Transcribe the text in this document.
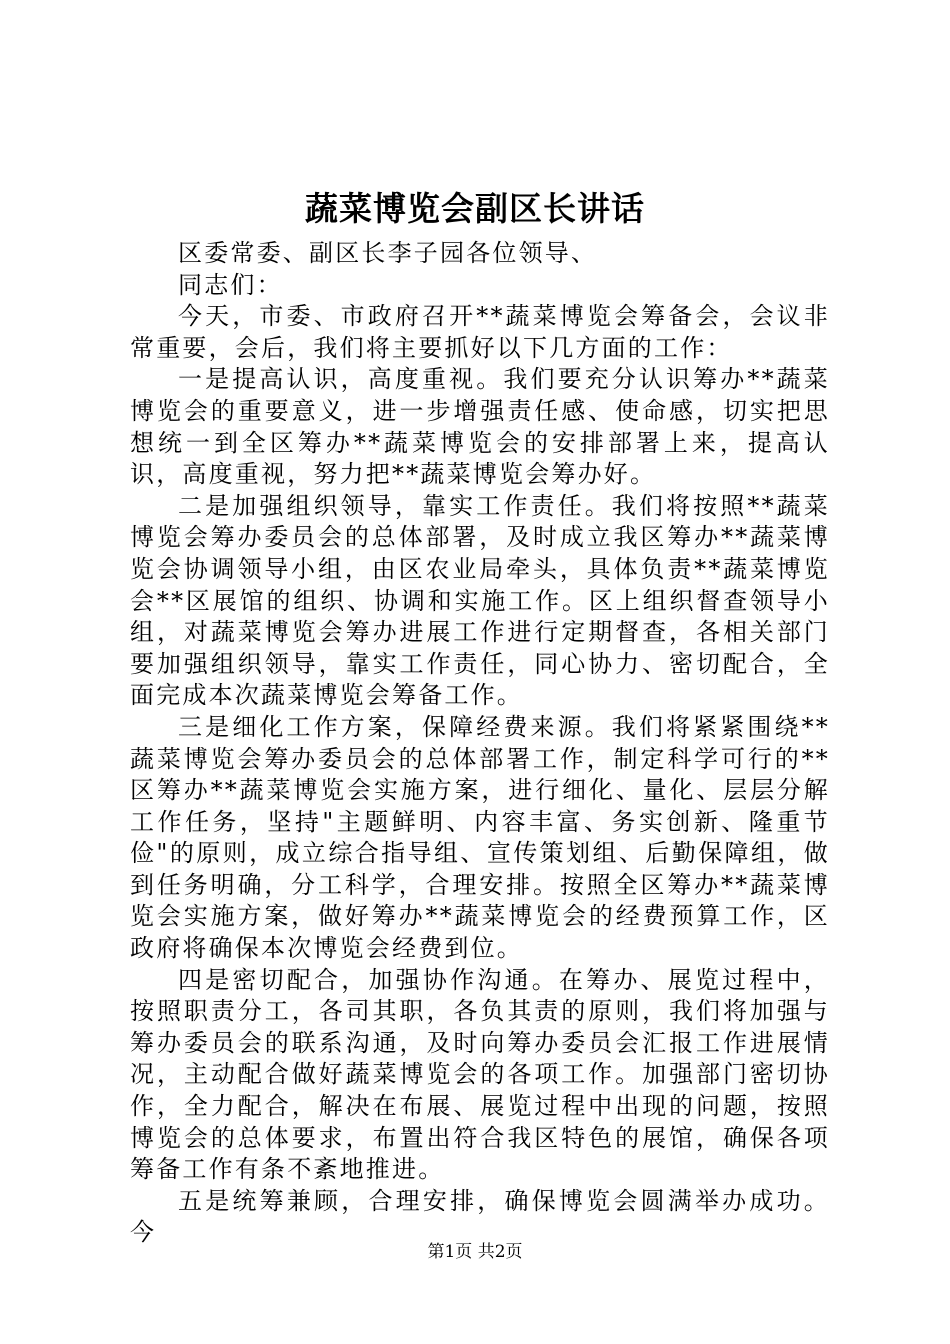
蔬菜博览会副区长讲话

区委常委、副区长李子园各位领导、

同志们：

今天，市委、市政府召开**蔬菜博览会筹备会，会议非常重要，会后，我们将主要抓好以下几方面的工作：

一是提高认识，高度重视。我们要充分认识筹办**蔬菜博览会的重要意义，进一步增强责任感、使命感，切实把思想统一到全区筹办**蔬菜博览会的安排部署上来，提高认识，高度重视，努力把**蔬菜博览会筹办好。

二是加强组织领导，靠实工作责任。我们将按照**蔬菜博览会筹办委员会的总体部署，及时成立我区筹办**蔬菜博览会协调领导小组，由区农业局牵头，具体负责**蔬菜博览会**区展馆的组织、协调和实施工作。区上组织督查领导小组，对蔬菜博览会筹办进展工作进行定期督查，各相关部门要加强组织领导，靠实工作责任，同心协力、密切配合，全面完成本次蔬菜博览会筹备工作。

三是细化工作方案，保障经费来源。我们将紧紧围绕**蔬菜博览会筹办委员会的总体部署工作，制定科学可行的**区筹办**蔬菜博览会实施方案，进行细化、量化、层层分解工作任务，坚持"主题鲜明、内容丰富、务实创新、隆重节俭"的原则，成立综合指导组、宣传策划组、后勤保障组，做到任务明确，分工科学，合理安排。按照全区筹办**蔬菜博览会实施方案，做好筹办**蔬菜博览会的经费预算工作，区政府将确保本次博览会经费到位。

四是密切配合，加强协作沟通。在筹办、展览过程中，按照职责分工，各司其职，各负其责的原则，我们将加强与筹办委员会的联系沟通，及时向筹办委员会汇报工作进展情况，主动配合做好蔬菜博览会的各项工作。加强部门密切协作，全力配合，解决在布展、展览过程中出现的问题，按照博览会的总体要求，布置出符合我区特色的展馆，确保各项筹备工作有条不紊地推进。

五是统筹兼顾，合理安排，确保博览会圆满举办成功。今

第1页 共2页
